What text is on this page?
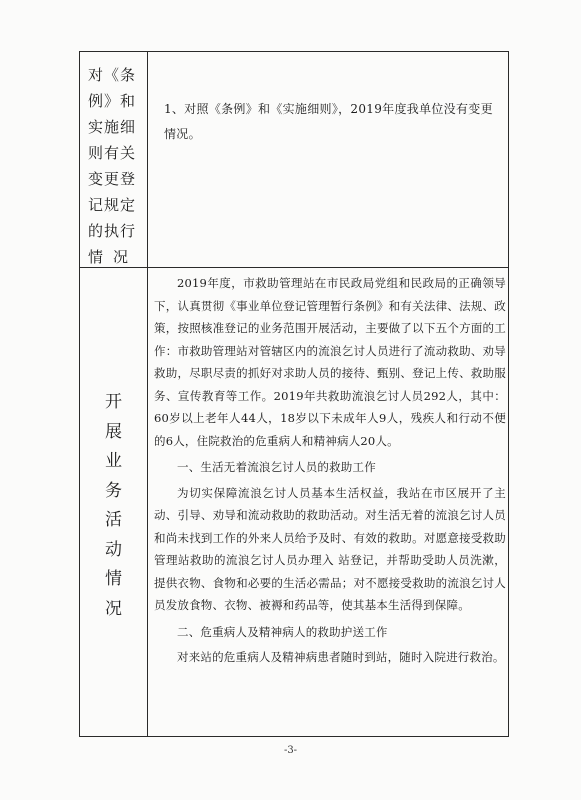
对《条
例》和
实施细
则有关
变更登
记规定
的执行
情况
1、对照《条例》和《实施细则》，2019年度我单位没有变更情况。
开
展
业
务
活
动
情
况

2019年度，市救助管理站在市民政局党组和民政局的正确领导下，认真贯彻《事业单位登记管理暂行条例》和有关法律、法规、政策，按照核准登记的业务范围开展活动，主要做了以下五个方面的工作：市救助管理站对管辖区内的流浪乞讨人员进行了流动救助、劝导救助，尽职尽责的抓好对求助人员的接待、甄别、登记上传、救助服务、宣传教育等工作。2019年共救助流浪乞讨人员292人，其中：60岁以上老年人44人，18岁以下未成年人9人，残疾人和行动不便的6人，住院救治的危重病人和精神病人20人。

一、生活无着流浪乞讨人员的救助工作

为切实保障流浪乞讨人员基本生活权益，我站在市区展开了主动、引导、劝导和流动救助的救助活动。对生活无着的流浪乞讨人员和尚未找到工作的外来人员给予及时、有效的救助。对愿意接受救助管理站救助的流浪乞讨人员办理入 站登记，并帮助受助人员洗漱，提供衣物、食物和必要的生活必需品；对不愿接受救助的流浪乞讨人员发放食物、衣物、被褥和药品等，使其基本生活得到保障。

二、危重病人及精神病人的救助护送工作

对来站的危重病人及精神病患者随时到站，随时入院进行救治。

-3-
